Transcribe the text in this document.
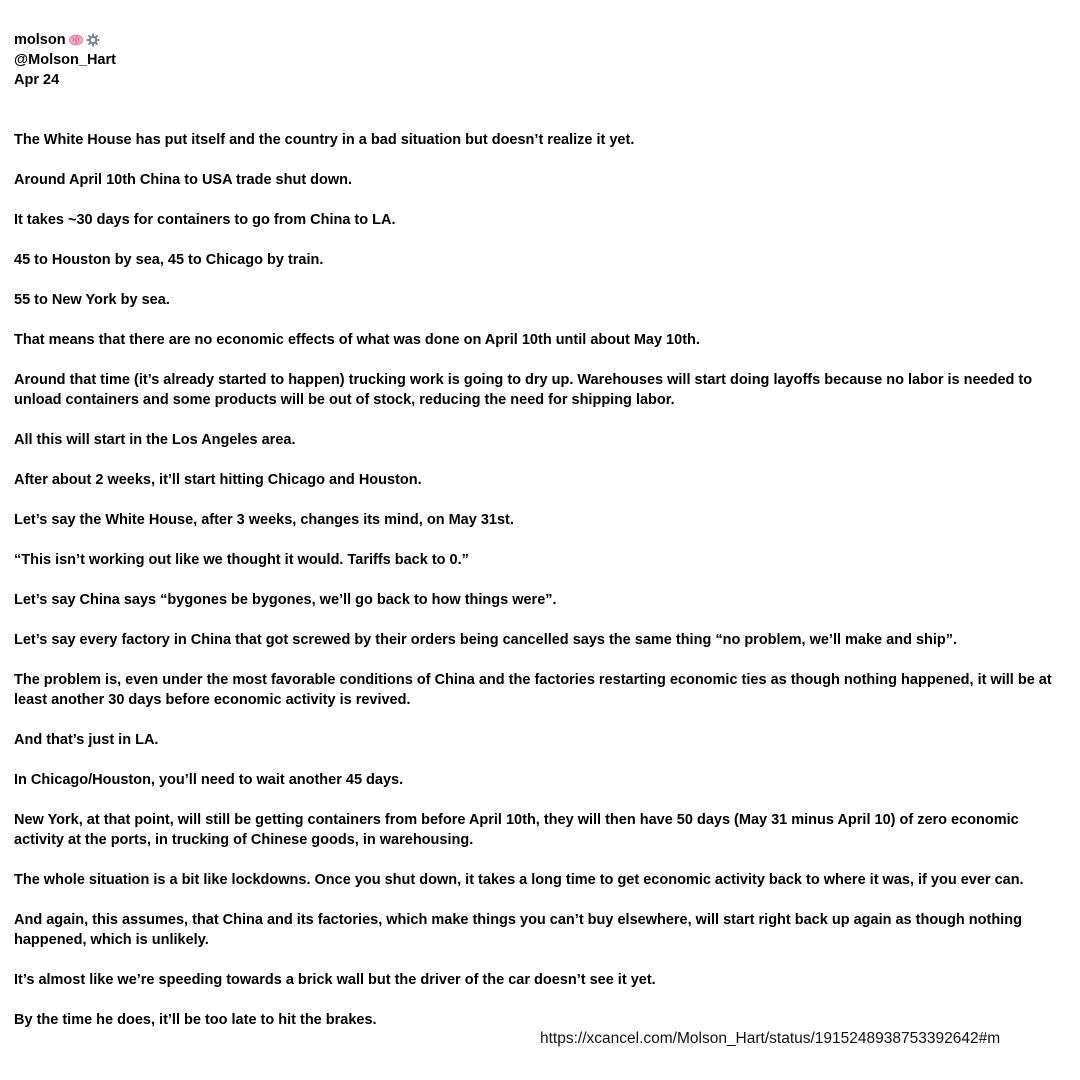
molson
@Molson_Hart
Apr 24

The White House has put itself and the country in a bad situation but doesn’t realize it yet.

Around April 10th China to USA trade shut down.

It takes ~30 days for containers to go from China to LA.

45 to Houston by sea, 45 to Chicago by train.

55 to New York by sea.

That means that there are no economic effects of what was done on April 10th until about May 10th.

Around that time (it’s already started to happen) trucking work is going to dry up. Warehouses will start doing layoffs because no labor is needed to unload containers and some products will be out of stock, reducing the need for shipping labor.

All this will start in the Los Angeles area.

After about 2 weeks, it’ll start hitting Chicago and Houston.

Let’s say the White House, after 3 weeks, changes its mind, on May 31st.

“This isn’t working out like we thought it would. Tariffs back to 0.”

Let’s say China says “bygones be bygones, we’ll go back to how things were”.

Let’s say every factory in China that got screwed by their orders being cancelled says the same thing “no problem, we’ll make and ship”.

The problem is, even under the most favorable conditions of China and the factories restarting economic ties as though nothing happened, it will be at least another 30 days before economic activity is revived.

And that’s just in LA.

In Chicago/Houston, you’ll need to wait another 45 days.

New York, at that point, will still be getting containers from before April 10th, they will then have 50 days (May 31 minus April 10) of zero economic activity at the ports, in trucking of Chinese goods, in warehousing.

The whole situation is a bit like lockdowns. Once you shut down, it takes a long time to get economic activity back to where it was, if you ever can.

And again, this assumes, that China and its factories, which make things you can’t buy elsewhere, will start right back up again as though nothing happened, which is unlikely.

It’s almost like we’re speeding towards a brick wall but the driver of the car doesn’t see it yet.

By the time he does, it’ll be too late to hit the brakes.

https://xcancel.com/Molson_Hart/status/1915248938753392642#m
